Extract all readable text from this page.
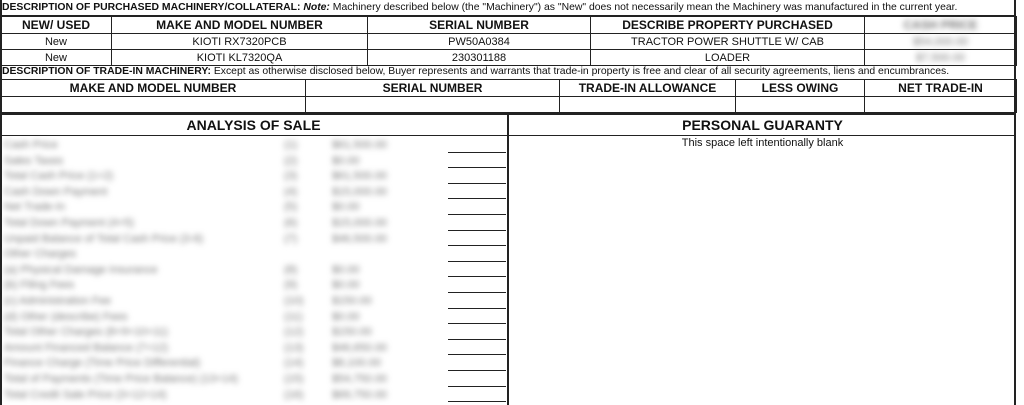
DESCRIPTION OF PURCHASED MACHINERY/COLLATERAL: Note: Machinery described below (the "Machinery") as "New" does not necessarily mean the Machinery was manufactured in the current year.
NEW/ USED	MAKE AND MODEL NUMBER	SERIAL NUMBER	DESCRIBE PROPERTY PURCHASED	CASH PRICE
New	KIOTI RX7320PCB	PW50A0384	TRACTOR POWER SHUTTLE W/ CAB	$54,000.00
New	KIOTI KL7320QA	230301188	LOADER	$7,500.00
DESCRIPTION OF TRADE-IN MACHINERY: Except as otherwise disclosed below, Buyer represents and warrants that trade-in property is free and clear of all security agreements, liens and encumbrances.
MAKE AND MODEL NUMBER	SERIAL NUMBER	TRADE-IN ALLOWANCE	LESS OWING	NET TRADE-IN

ANALYSIS OF SALE	PERSONAL GUARANTY
This space left intentionally blank
Cash Price	(1)	$61,500.00
Sales Taxes	(2)	$0.00
Total Cash Price (1+2)	(3)	$61,500.00
Cash Down Payment	(4)	$15,000.00
Net Trade-In	(5)	$0.00
Total Down Payment (4+5)	(6)	$15,000.00
Unpaid Balance of Total Cash Price (3-6)	(7)	$46,500.00
Other Charges
(a) Physical Damage Insurance	(8)	$0.00
(b) Filing Fees	(9)	$0.00
(c) Administration Fee	(10)	$150.00
(d) Other (describe) Fees	(11)	$0.00
Total Other Charges (8+9+10+11)	(12)	$150.00
Amount Financed Balance (7+12)	(13)	$46,650.00
Finance Charge (Time Price Differential)	(14)	$8,100.00
Total of Payments (Time Price Balance) (13+14)	(15)	$54,750.00
Total Credit Sale Price (3+12+14)	(16)	$69,750.00
